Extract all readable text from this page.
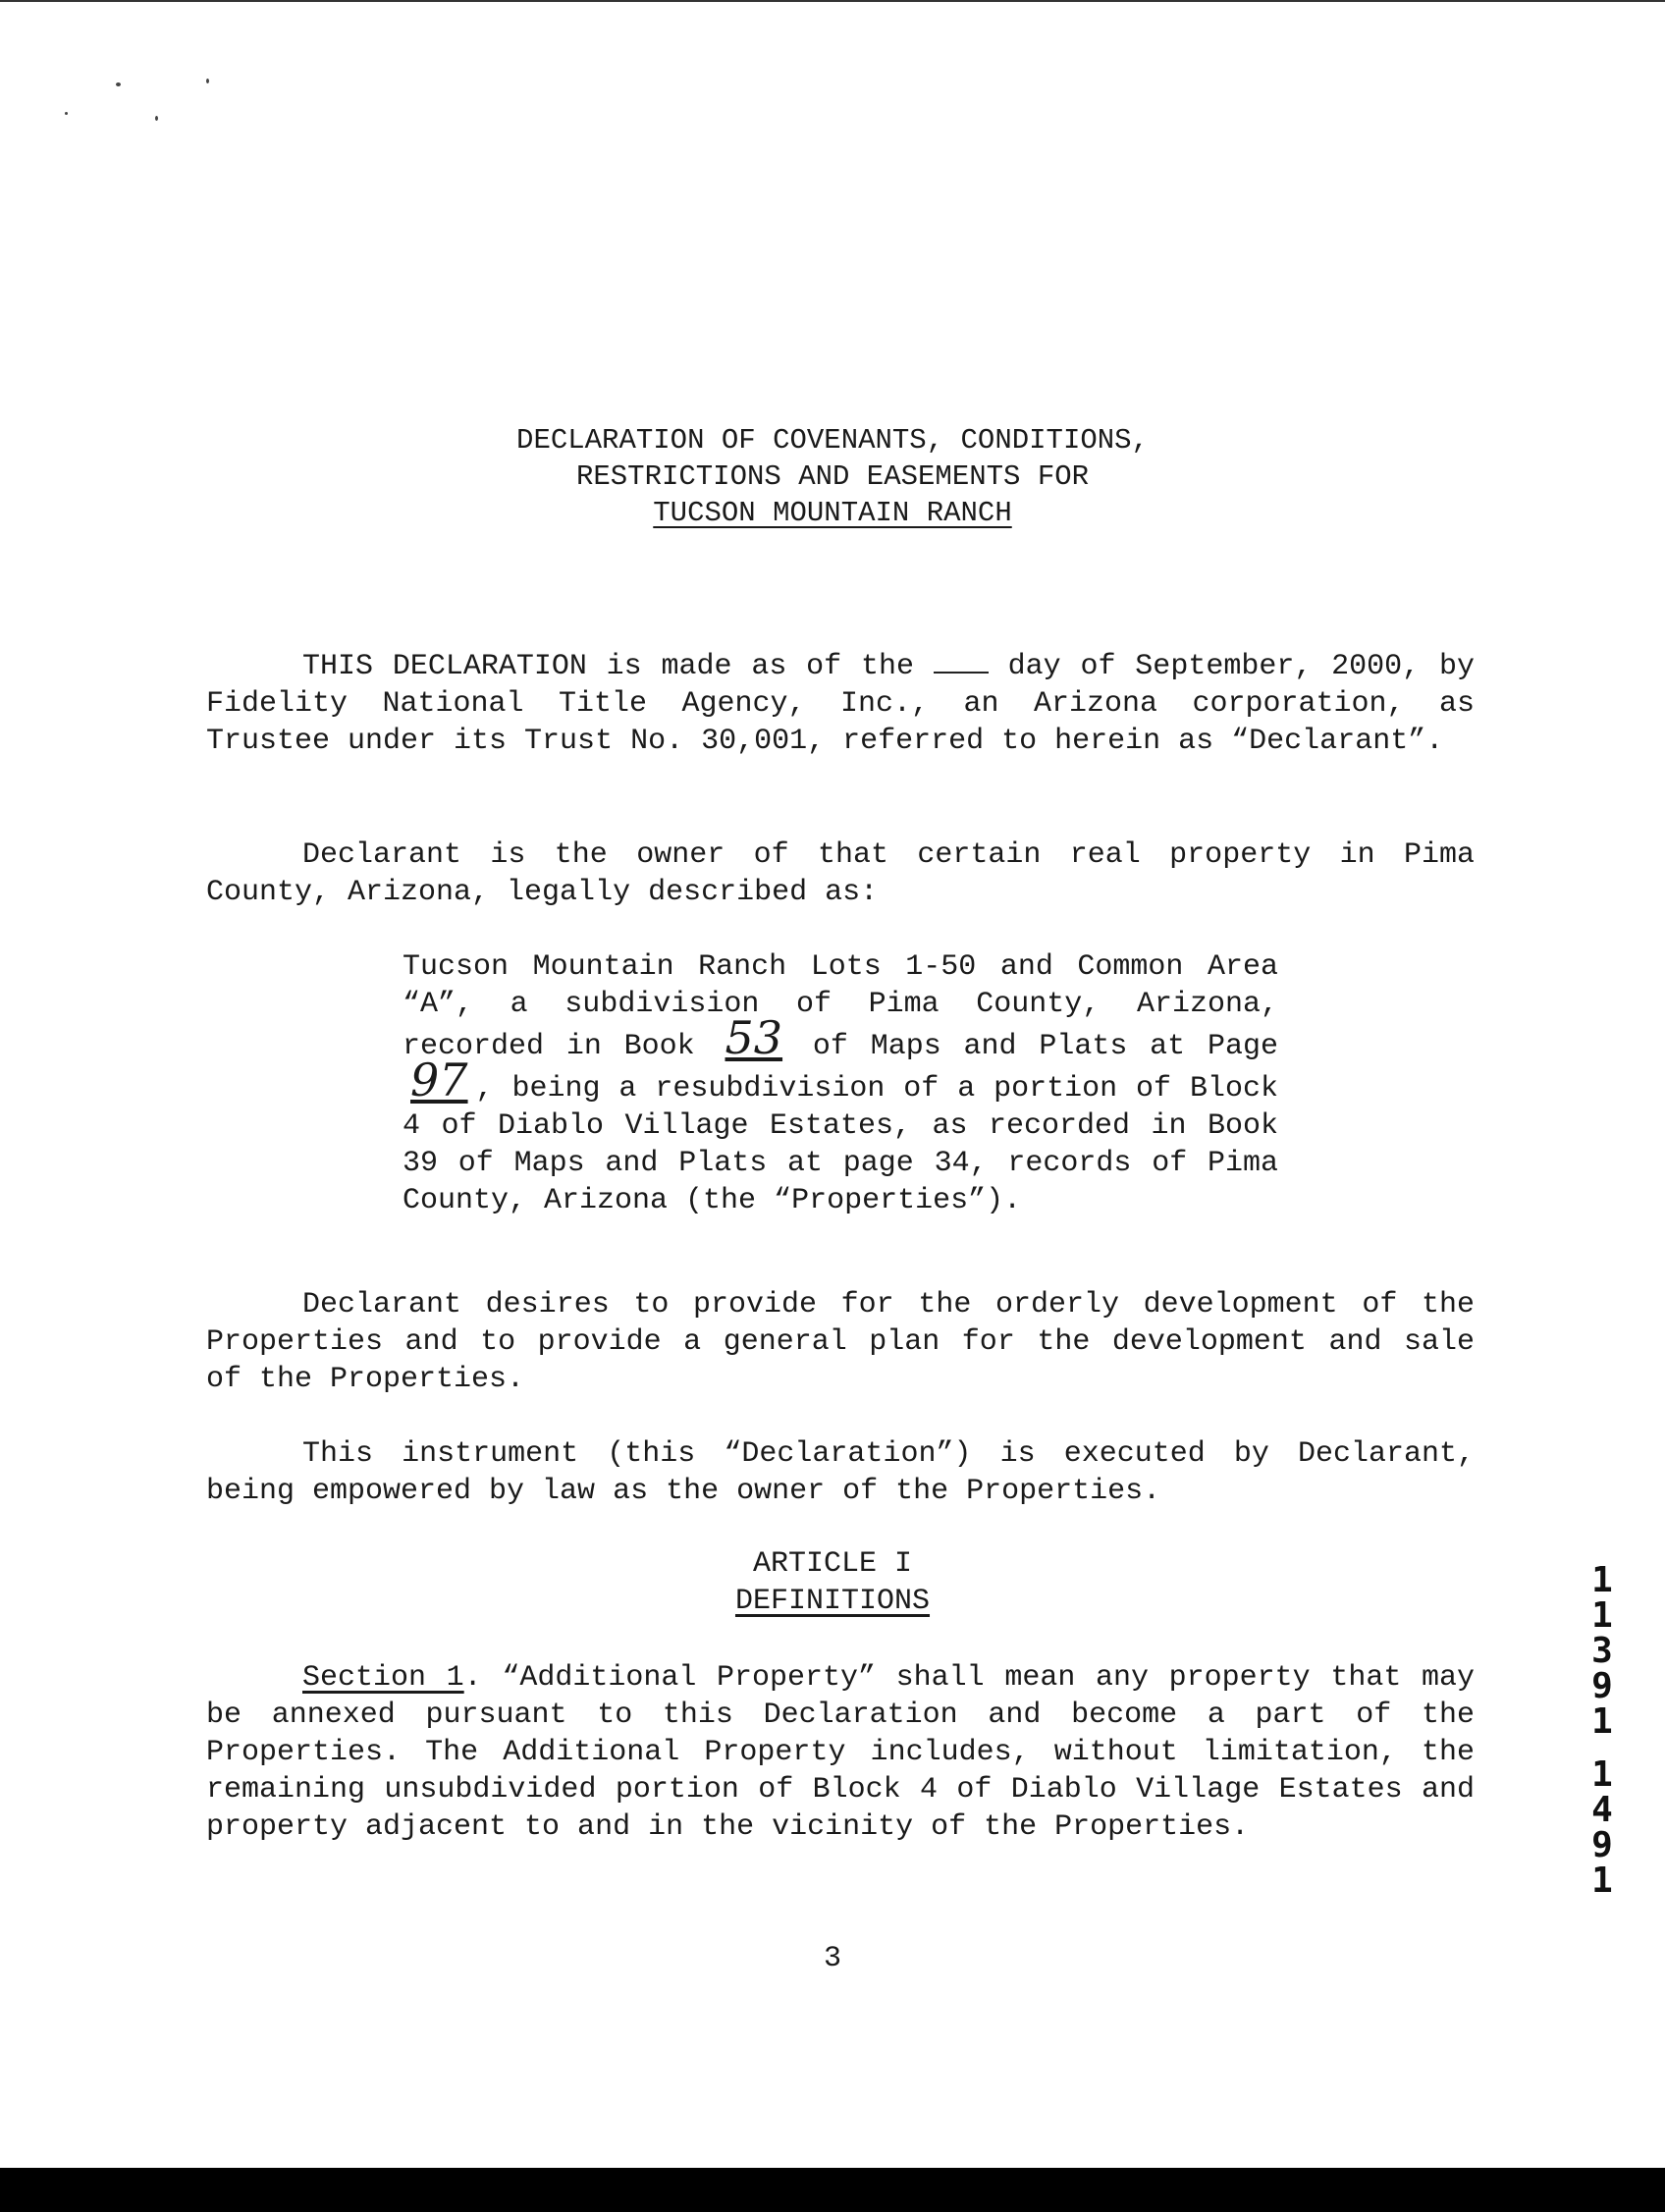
DECLARATION OF COVENANTS, CONDITIONS,
RESTRICTIONS AND EASEMENTS FOR
TUCSON MOUNTAIN RANCH
THIS DECLARATION is made as of the	day of September, 2000, by Fidelity National Title Agency, Inc., an Arizona corporation, as Trustee under its Trust No. 30,001, referred to herein as “Declarant”.
Declarant is the owner of that certain real property in Pima County, Arizona, legally described as:
Tucson Mountain Ranch Lots 1-50 and Common Area “A”, a subdivision of Pima County, Arizona, recorded in Book 53 of Maps and Plats at Page 97 , being a resubdivision of a portion of Block 4 of Diablo Village Estates, as recorded in Book 39 of Maps and Plats at page 34, records of Pima County, Arizona (the “Properties”).
Declarant desires to provide for the orderly development of the Properties and to provide a general plan for the development and sale of the Properties.
This instrument (this “Declaration”) is executed by Declarant, being empowered by law as the owner of the Properties.
ARTICLE I
DEFINITIONS
Section 1. “Additional Property” shall mean any property that may be annexed pursuant to this Declaration and become a part of the Properties. The Additional Property includes, without limitation, the remaining unsubdivided portion of Block 4 of Diablo Village Estates and property adjacent to and in the vicinity of the Properties.
3
1
1
3
9
1
1
4
9
1
